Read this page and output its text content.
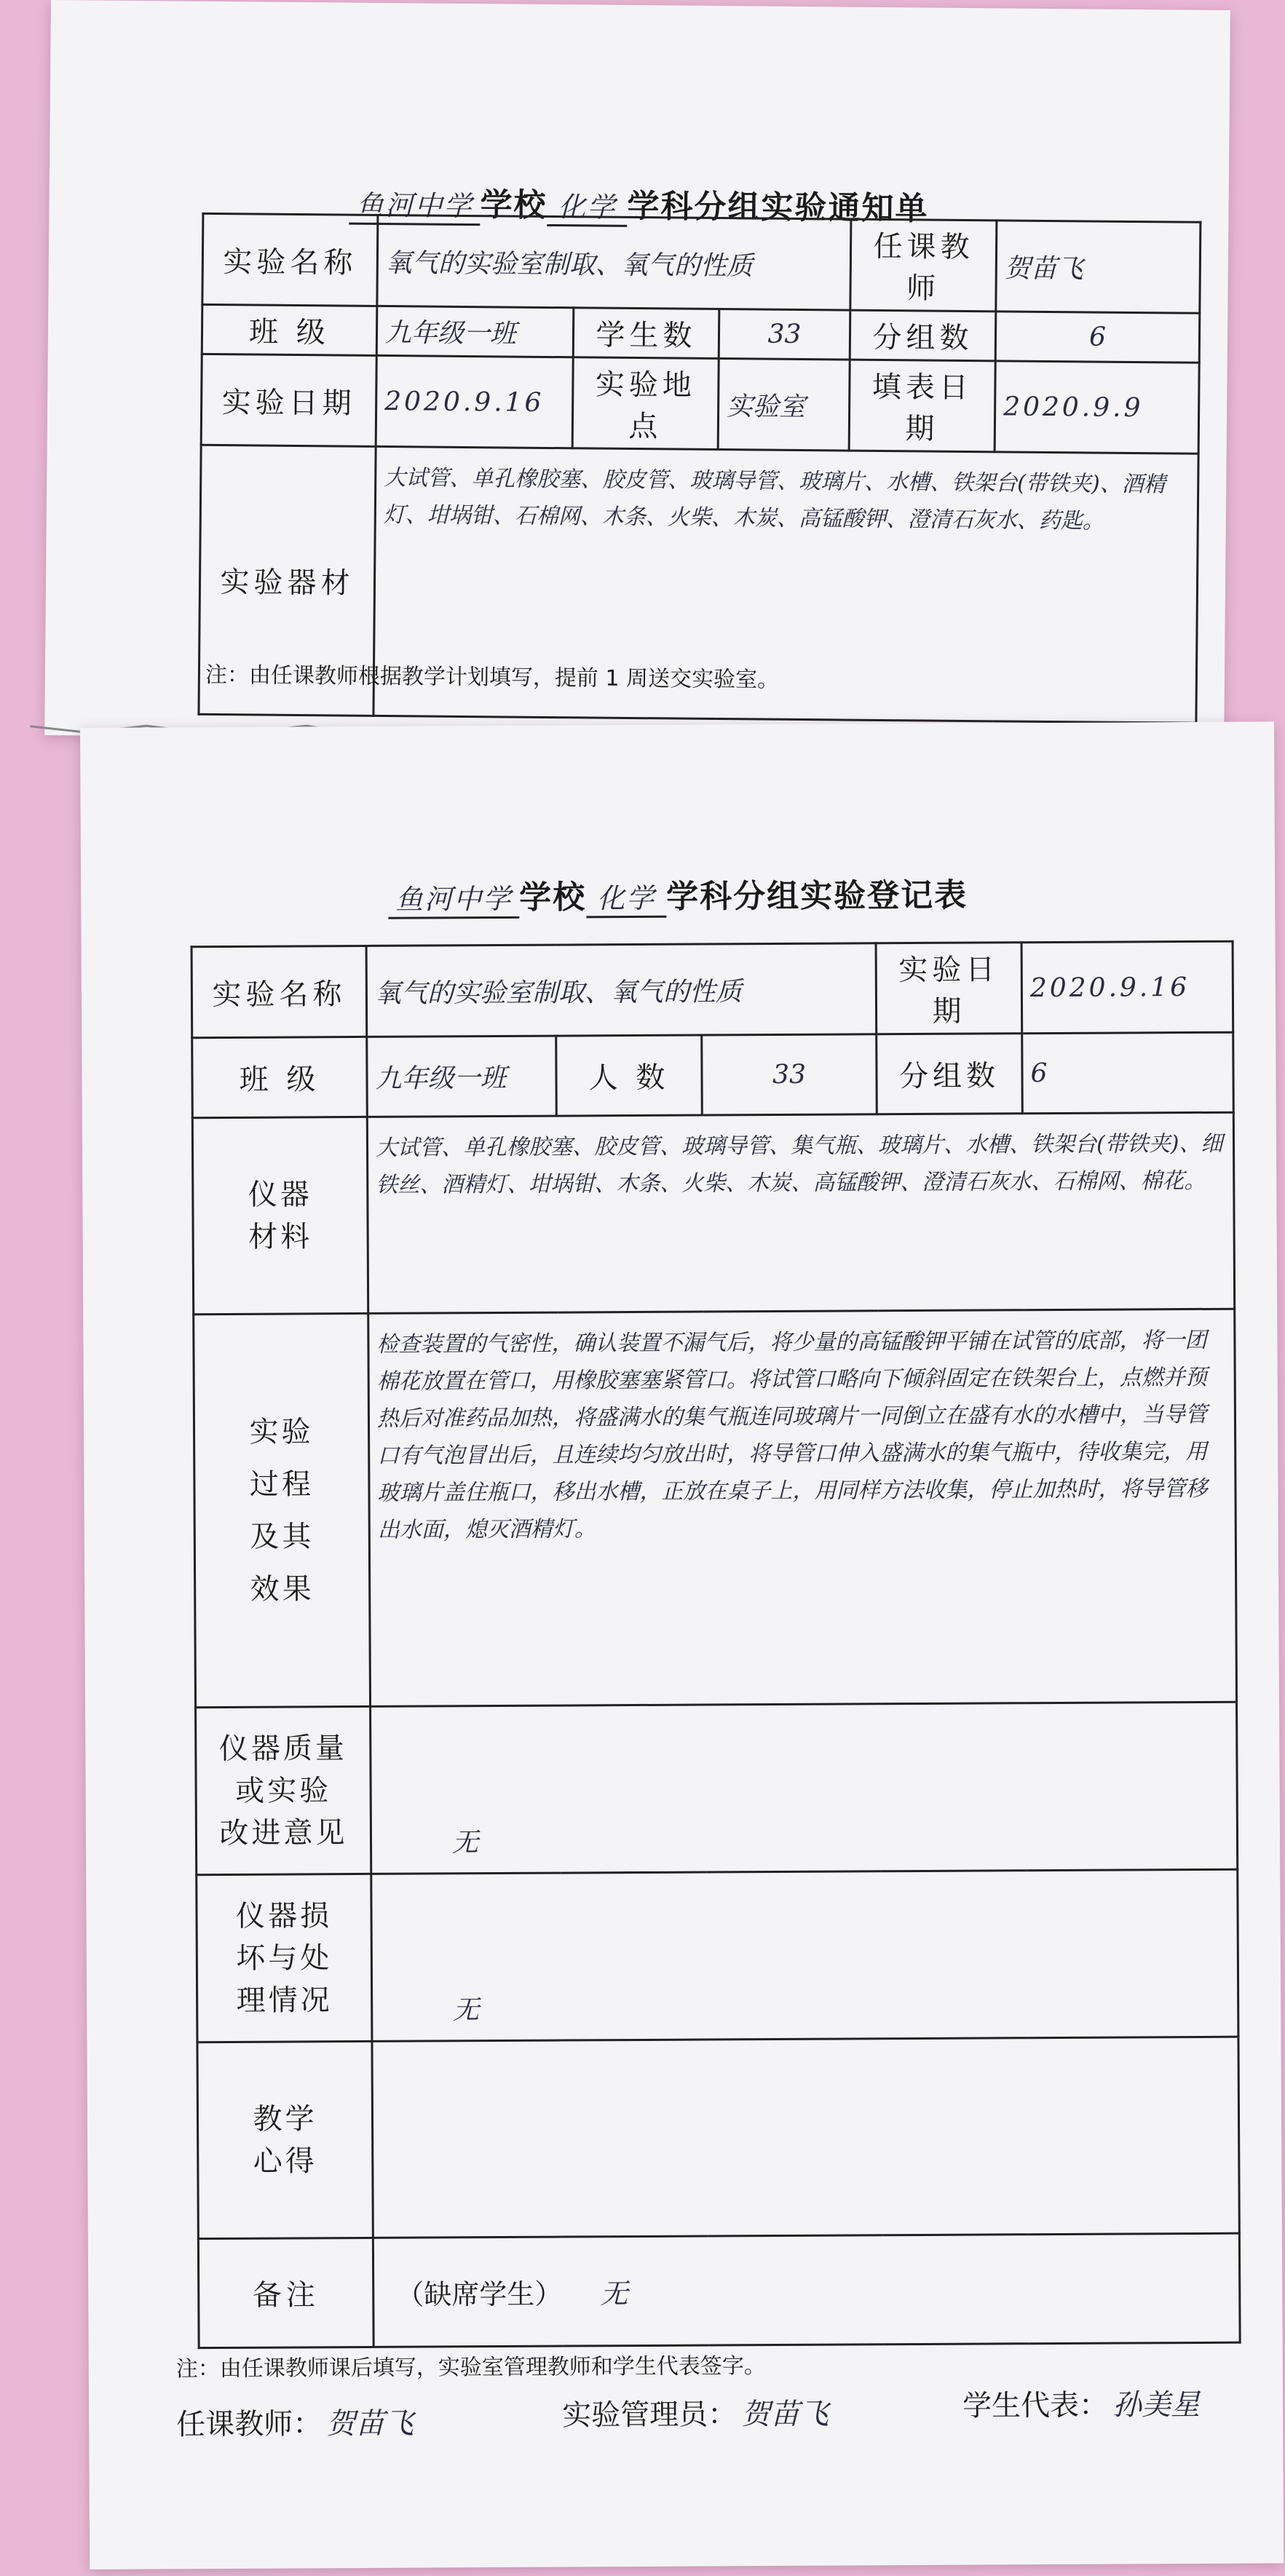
鱼河中学 学校 化学 学科分组实验通知单
实验名称	氧气的实验室制取、氧气的性质			任课教师	贺苗飞
班 级	九年级一班	学生数	33	分组数	6
实验日期	2020.9.16	实验地点	实验室	填表日期	2020.9.9
实验器材	大试管、单孔橡胶塞、胶皮管、玻璃导管、玻璃片、水槽、铁架台(带铁夹)、酒精灯、坩埚钳、石棉网、木条、火柴、木炭、高锰酸钾、澄清石灰水、药匙。				
注：由任课教师根据教学计划填写，提前 1 周送交实验室。
鱼河中学 学校 化学 学科分组实验登记表
实验名称	氧气的实验室制取、氧气的性质			实验日期	2020.9.16
班 级	九年级一班	人 数	33	分组数	6
仪器
材料	大试管、单孔橡胶塞、胶皮管、玻璃导管、集气瓶、玻璃片、水槽、铁架台(带铁夹)、细铁丝、酒精灯、坩埚钳、木条、火柴、木炭、高锰酸钾、澄清石灰水、石棉网、棉花。				
实验
过程
及其
效果	检查装置的气密性，确认装置不漏气后，将少量的高锰酸钾平铺在试管的底部，将一团棉花放置在管口，用橡胶塞塞紧管口。将试管口略向下倾斜固定在铁架台上，点燃并预热后对准药品加热，将盛满水的集气瓶连同玻璃片一同倒立在盛有水的水槽中，当导管口有气泡冒出后，且连续均匀放出时，将导管口伸入盛满水的集气瓶中，待收集完，用玻璃片盖住瓶口，移出水槽，正放在桌子上，用同样方法收集，停止加热时，将导管移出水面，熄灭酒精灯。				
仪器质量
或实验
改进意见	无				
仪器损
坏与处
理情况	无				
教学
心得					
备注	（缺席学生） 无				
注：由任课教师课后填写，实验室管理教师和学生代表签字。
任课教师： 贺苗飞	实验管理员： 贺苗飞	学生代表： 孙美星
